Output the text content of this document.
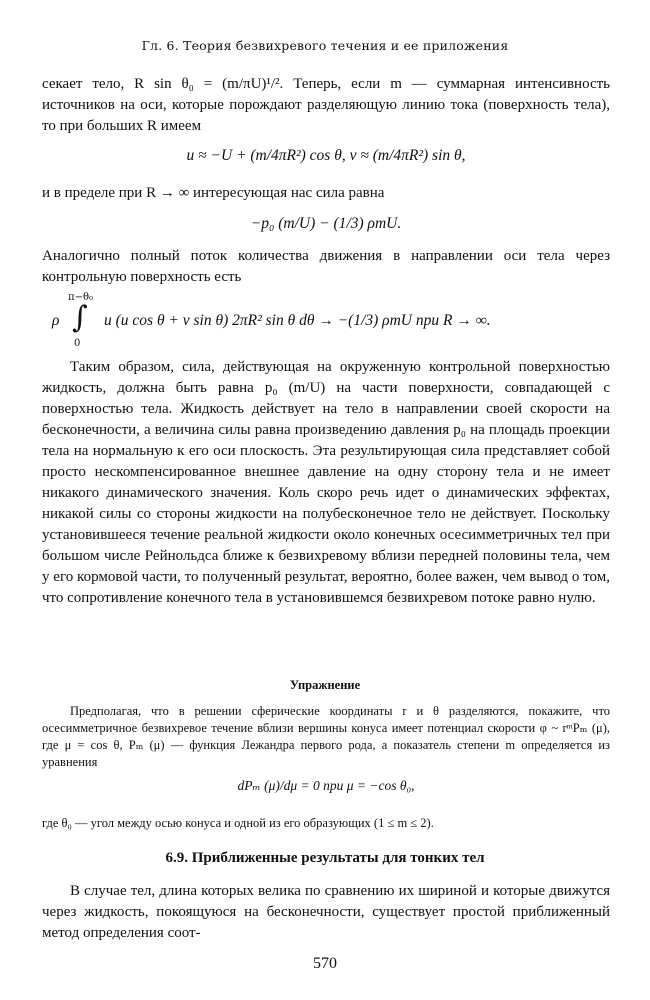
Гл. 6. Теория безвихревого течения и ее приложения
секает тело, R sin θ₀ = (m/πU)¹/². Теперь, если m — суммарная интенсивность источников на оси, которые порождают разделяющую линию тока (поверхность тела), то при больших R имеем
u ≈ −U + (m/4πR²) cos θ, v ≈ (m/4πR²) sin θ,
и в пределе при R → ∞ интересующая нас сила равна
−p₀ (m/U) − (1/3) ρmU.
Аналогично полный поток количества движения в направлении оси тела через контрольную поверхность есть
ρ
π−θ₀
∫
0
u (u cos θ + v sin θ) 2πR² sin θ dθ → −(1/3) ρmU при R → ∞.
Таким образом, сила, действующая на окруженную контрольной поверхностью жидкость, должна быть равна p₀ (m/U) на части поверхности, совпадающей с поверхностью тела. Жидкость действует на тело в направлении своей скорости на бесконечности, а величина силы равна произведению давления p₀ на площадь проекции тела на нормальную к его оси плоскость. Эта результирующая сила представляет собой просто нескомпенсированное внешнее давление на одну сторону тела и не имеет никакого динамического значения. Коль скоро речь идет о динамических эффектах, никакой силы со стороны жидкости на полубесконечное тело не действует. Поскольку установившееся течение реальной жидкости около конечных осесимметричных тел при большом числе Рейнольдса ближе к безвихревому вблизи передней половины тела, чем у его кормовой части, то полученный результат, вероятно, более важен, чем вывод о том, что сопротивление конечного тела в установившемся безвихревом потоке равно нулю.
Упражнение
Предполагая, что в решении сферические координаты r и θ разделяются, покажите, что осесимметричное безвихревое течение вблизи вершины конуса имеет потенциал скорости φ ~ rᵐPₘ (μ), где μ = cos θ, Pₘ (μ) — функция Лежандра первого рода, а показатель степени m определяется из уравнения
dPₘ (μ)/dμ = 0 при μ = −cos θ₀,
где θ₀ — угол между осью конуса и одной из его образующих (1 ≤ m ≤ 2).
6.9. Приближенные результаты для тонких тел
В случае тел, длина которых велика по сравнению их шириной и которые движутся через жидкость, покоящуюся на бесконечности, существует простой приближенный метод определения соот-
570
